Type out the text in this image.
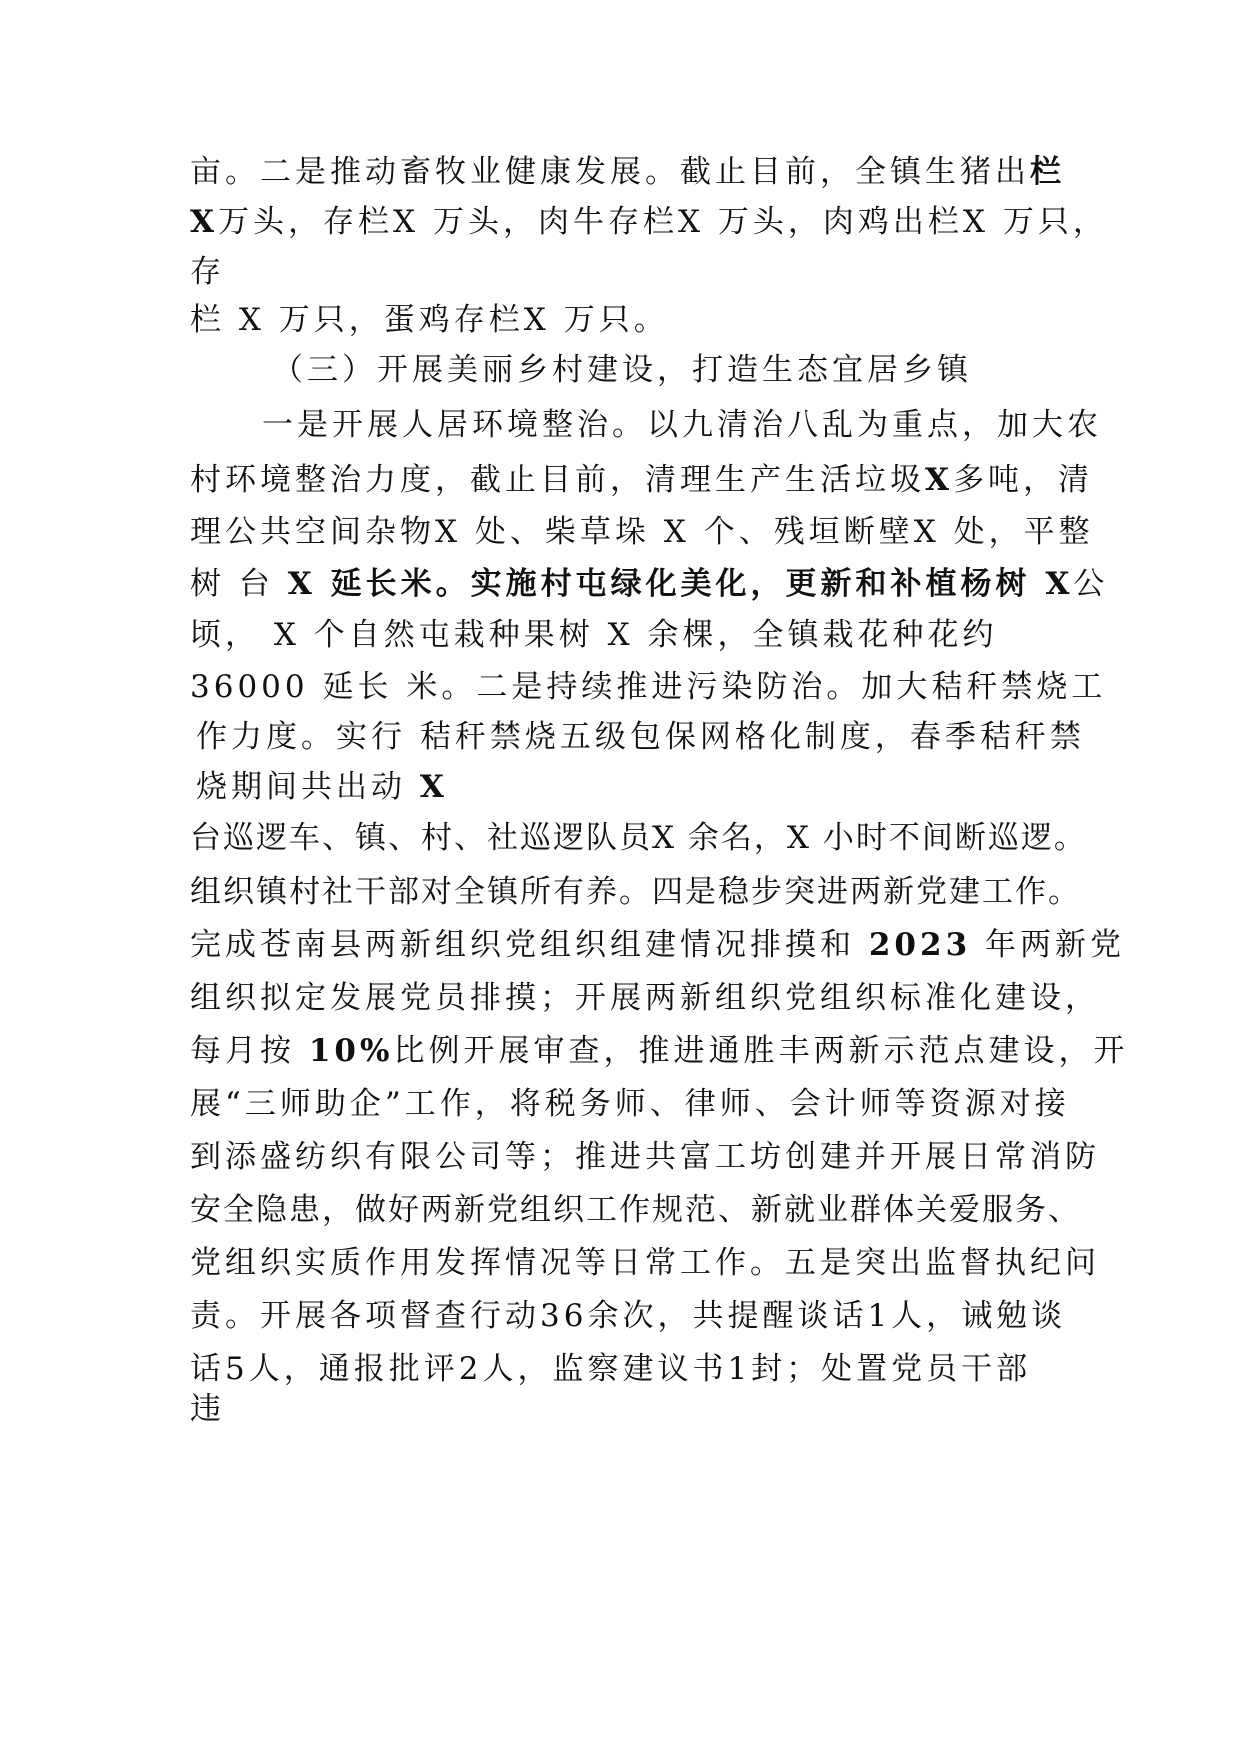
亩。二是推动畜牧业健康发展。截止目前，全镇生猪出栏

X万头，存栏X 万头，肉牛存栏X 万头，肉鸡出栏X 万只，

存

栏 X 万只，蛋鸡存栏X 万只。

（三）开展美丽乡村建设，打造生态宜居乡镇

一是开展人居环境整治。以九清治八乱为重点，加大农

村环境整治力度，截止目前，清理生产生活垃圾X多吨，清

理公共空间杂物X 处、柴草垛 X 个、残垣断壁X 处，平整

树 台 X 延长米。实施村屯绿化美化，更新和补植杨树 X公

顷， X 个自然屯栽种果树 X 余棵，全镇栽花种花约

36000 延长 米。二是持续推进污染防治。加大秸秆禁烧工

作力度。实行 秸秆禁烧五级包保网格化制度，春季秸秆禁

烧期间共出动 X

台巡逻车、镇、村、社巡逻队员X 余名，X 小时不间断巡逻。

组织镇村社干部对全镇所有养。四是稳步突进两新党建工作。

完成苍南县两新组织党组织组建情况排摸和 2023 年两新党

组织拟定发展党员排摸；开展两新组织党组织标准化建设，

每月按 10%比例开展审查，推进通胜丰两新示范点建设，开

展“三师助企”工作，将税务师、律师、会计师等资源对接

到添盛纺织有限公司等；推进共富工坊创建并开展日常消防

安全隐患，做好两新党组织工作规范、新就业群体关爱服务、

党组织实质作用发挥情况等日常工作。五是突出监督执纪问

责。开展各项督查行动36余次，共提醒谈话1人，诫勉谈

话5人，通报批评2人，监察建议书1封；处置党员干部

违
